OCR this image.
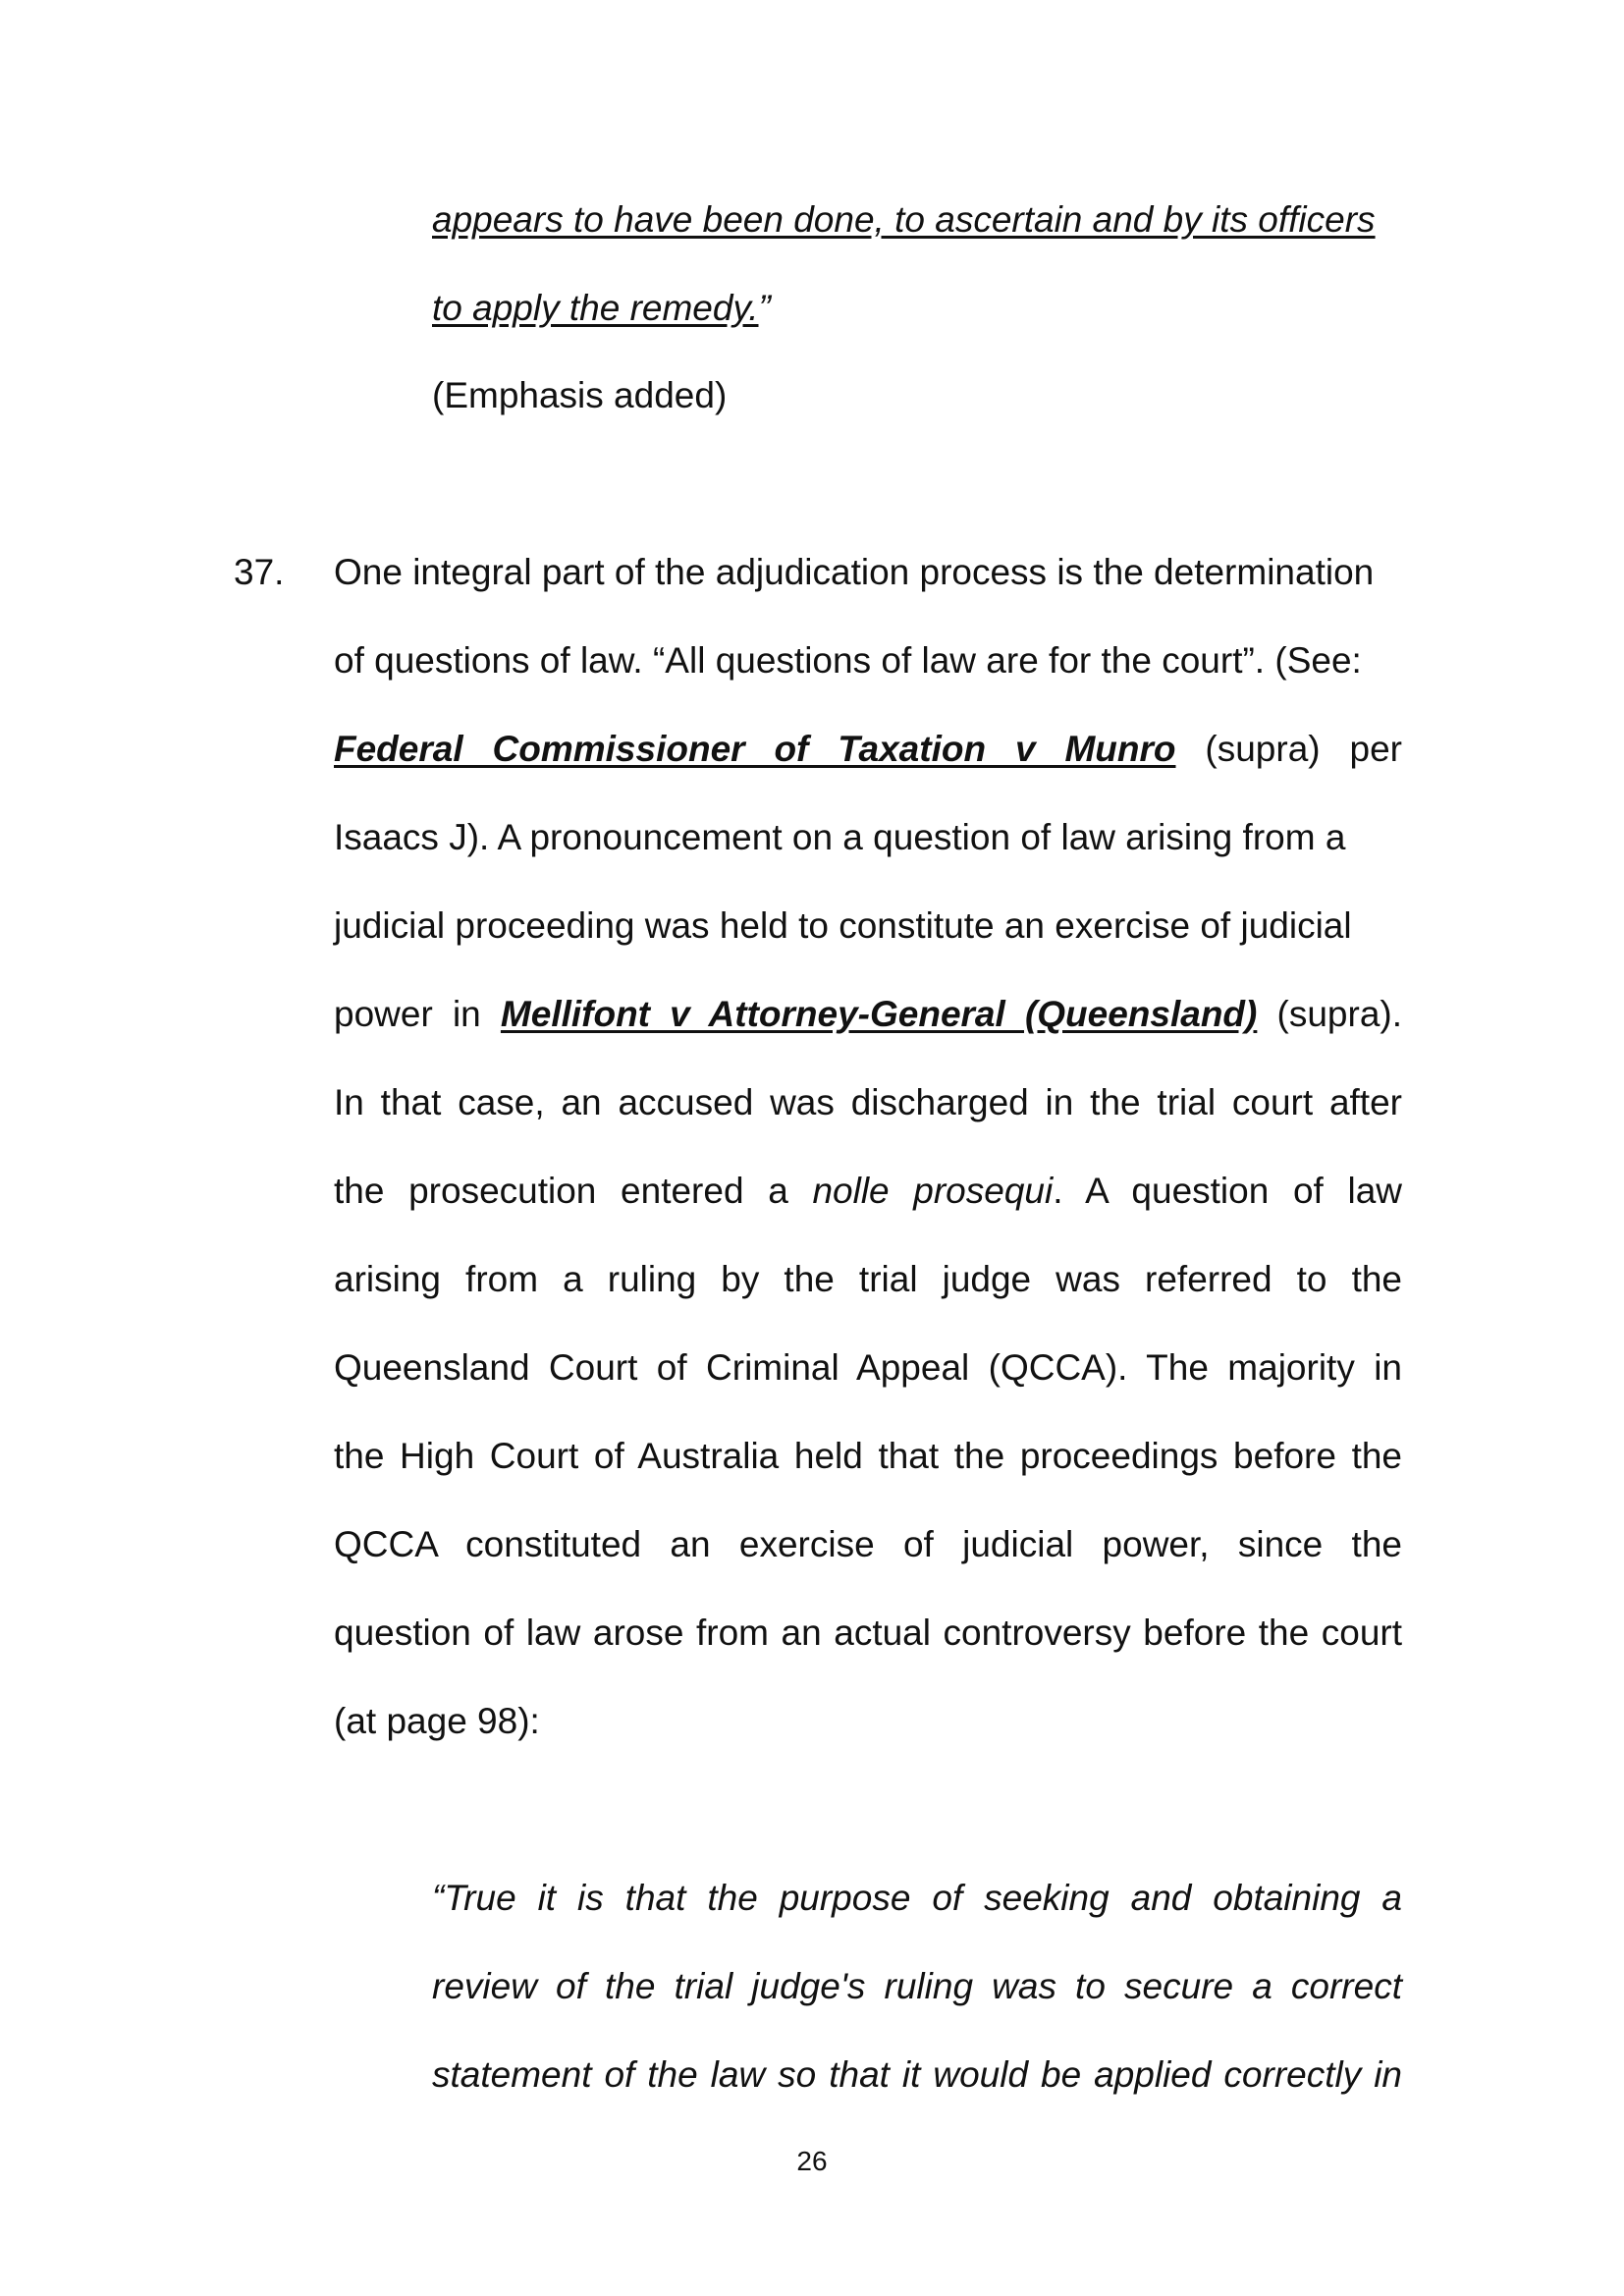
appears to have been done, to ascertain and by its officers
to apply the remedy.”
(Emphasis added)
37. One integral part of the adjudication process is the determination
of questions of law. “All questions of law are for the court”. (See:
Federal Commissioner of Taxation v Munro (supra) per
Isaacs J). A pronouncement on a question of law arising from a
judicial proceeding was held to constitute an exercise of judicial
power in Mellifont v Attorney-General (Queensland) (supra).
In that case, an accused was discharged in the trial court after
the prosecution entered a nolle prosequi. A question of law
arising from a ruling by the trial judge was referred to the
Queensland Court of Criminal Appeal (QCCA). The majority in
the High Court of Australia held that the proceedings before the
QCCA constituted an exercise of judicial power, since the
question of law arose from an actual controversy before the court
(at page 98):
“True it is that the purpose of seeking and obtaining a
review of the trial judge's ruling was to secure a correct
statement of the law so that it would be applied correctly in
26
